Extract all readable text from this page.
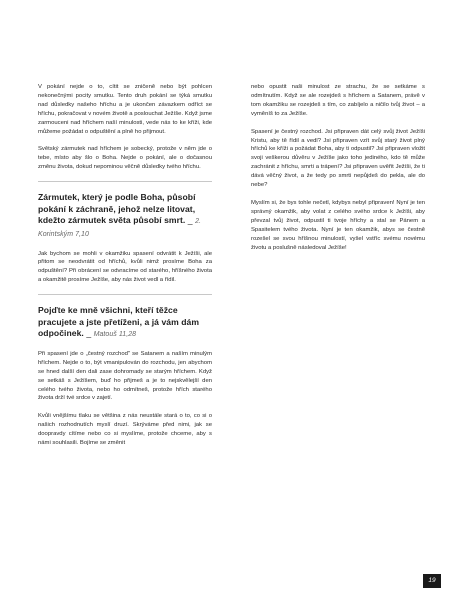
V pokání nejde o to, cítit se zničeně nebo být pohlcen nekonečnými pocity smutku. Tento druh pokání se týká smutku nad důsledky našeho hříchu a je ukončen závazkem odříct se hříchu, pokračovat v novém životě a poslouchat Ježíše. Když jsme zarmouceni nad hříchem naší minulosti, vede nás to ke kříži, kde můžeme požádat o odpuštění a plně ho přijmout.

Světský zármutek nad hříchem je sobecký, protože v něm jde o tebe, místo aby šlo o Boha. Nejde o pokání, ale o dočasnou změnu života, dokud nepominou věčně důsledky tvého hříchu.

Zármutek, který je podle Boha, působí pokání k záchraně, jehož nelze litovat, kdežto zármutek světa působí smrt. _ 2. Korintským 7,10

Jak bychom se mohli v okamžiku spasení odvrátit k Ježíši, ale přitom se neodvrátit od hříchů, kvůli nimž prosíme Boha za odpuštění? Při obrácení se odvracíme od starého, hříšného života a okamžitě prosíme Ježíše, aby nás život vedl a řídil.

Pojďte ke mně všichni, kteří těžce pracujete a jste přetíženi, a já vám dám odpočinek. _ Matouš 11,28

Při spasení jde o „čestný rozchod" se Satanem a naším minulým hříchem. Nejde o to, být vmanipulován do rozchodu, jen abychom se hned další den dali zase dohromady se starým hříchem. Když se setkáš s Ježíšem, buď ho přijmeš a je to nejskvělejší den celého tvého života, nebo ho odmítneš, protože hřích starého života drží tvé srdce v zajetí.

Kvůli vnějšímu tlaku se většina z nás neustále stará o to, co si o našich rozhodnutích myslí druzí. Skrýváme před nimi, jak se doopravdy cítíme nebo co si myslíme, protože chceme, aby s námi souhlasili. Bojíme se změnit

nebo opustit naši minulost ze strachu, že se setkáme s odmítnutím. Když se ale rozejdeš s hříchem a Satanem, právě v tom okamžiku se rozejdeš s tím, co zabíjelo a ničilo tvůj život – a vyměníš to za Ježíše.

Spasení je čestný rozchod. Jsi připraven dát celý svůj život Ježíši Kristu, aby tě řídil a vedl? Jsi připraven vzít svůj starý život plný hříchů ke kříži a požádat Boha, aby ti odpustil? Jsi připraven vložit svoji veškerou důvěru v Ježíše jako toho jediného, kdo tě může zachránit z hříchu, smrti a trápení? Jsi připraven uvěřit Ježíši, že ti dává věčný život, a že tedy po smrti nepůjdeš do pekla, ale do nebe?

Myslím si, že bys tohle nečetl, kdybys nebyl připraven! Nyní je ten správný okamžik, aby volat z celého svého srdce k Ježíši, aby převzal tvůj život, odpustil ti tvoje hříchy a stal se Pánem a Spasitelem tvého života. Nyní je ten okamžik, abys se čestně rozešel se svou hříšnou minulostí, vyšel vstříc svému novému životu a poslušně následoval Ježíše!

19
